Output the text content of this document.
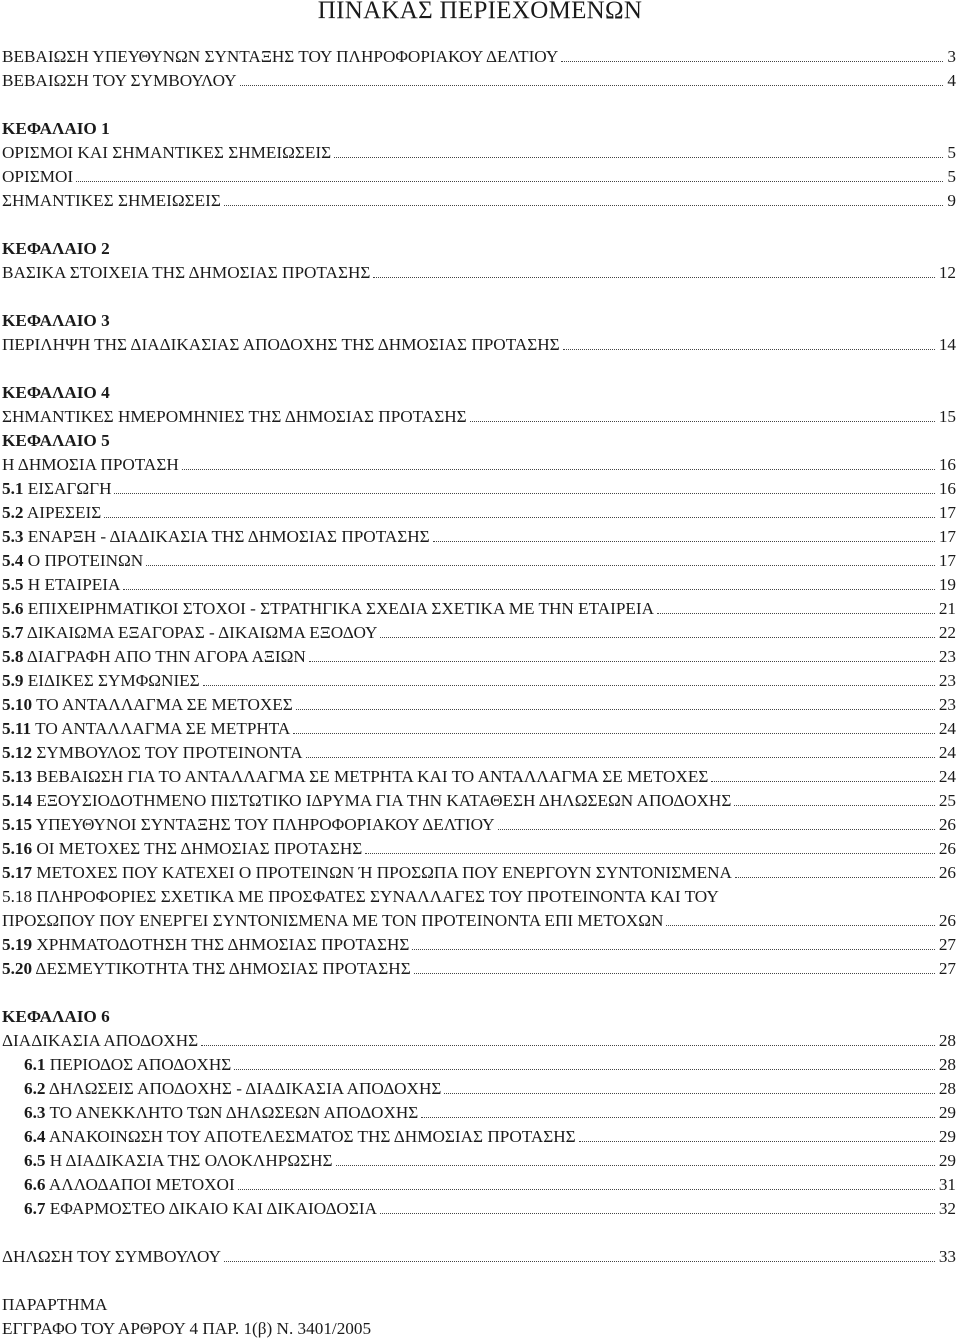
ΠΙΝΑΚΑΣ ΠΕΡΙΕΧΟΜΕΝΩΝ
ΒΕΒΑΙΩΣΗ ΥΠΕΥΘΥΝΩΝ ΣΥΝΤΑΞΗΣ ΤΟΥ ΠΛΗΡΟΦΟΡΙΑΚΟΥ ΔΕΛΤΙΟΥ	3
ΒΕΒΑΙΩΣΗ ΤΟΥ ΣΥΜΒΟΥΛΟΥ	4
ΚΕΦΑΛΑΙΟ 1
ΟΡΙΣΜΟΙ ΚΑΙ ΣΗΜΑΝΤΙΚΕΣ ΣΗΜΕΙΩΣΕΙΣ	5
ΟΡΙΣΜΟΙ	5
ΣΗΜΑΝΤΙΚΕΣ ΣΗΜΕΙΩΣΕΙΣ	9
ΚΕΦΑΛΑΙΟ 2
ΒΑΣΙΚΑ ΣΤΟΙΧΕΙΑ ΤΗΣ ΔΗΜΟΣΙΑΣ ΠΡΟΤΑΣΗΣ	12
ΚΕΦΑΛΑΙΟ 3
ΠΕΡΙΛΗΨΗ ΤΗΣ ΔΙΑΔΙΚΑΣΙΑΣ ΑΠΟΔΟΧΗΣ ΤΗΣ ΔΗΜΟΣΙΑΣ ΠΡΟΤΑΣΗΣ	14
ΚΕΦΑΛΑΙΟ 4
ΣΗΜΑΝΤΙΚΕΣ ΗΜΕΡΟΜΗΝΙΕΣ ΤΗΣ ΔΗΜΟΣΙΑΣ ΠΡΟΤΑΣΗΣ	15
ΚΕΦΑΛΑΙΟ 5
Η ΔΗΜΟΣΙΑ ΠΡΟΤΑΣΗ	16
5.1 ΕΙΣΑΓΩΓΗ	16
5.2 ΑΙΡΕΣΕΙΣ	17
5.3 ΕΝΑΡΞΗ - ΔΙΑΔΙΚΑΣΙΑ ΤΗΣ ΔΗΜΟΣΙΑΣ ΠΡΟΤΑΣΗΣ	17
5.4 Ο ΠΡΟΤΕΙΝΩΝ	17
5.5 Η ΕΤΑΙΡΕΙΑ	19
5.6 ΕΠΙΧΕΙΡΗΜΑΤΙΚΟΙ ΣΤΟΧΟΙ - ΣΤΡΑΤΗΓΙΚΑ ΣΧΕΔΙΑ ΣΧΕΤΙΚΑ ΜΕ ΤΗΝ ΕΤΑΙΡΕΙΑ	21
5.7 ΔΙΚΑΙΩΜΑ ΕΞΑΓΟΡΑΣ - ΔΙΚΑΙΩΜΑ ΕΞΟΔΟΥ	22
5.8 ΔΙΑΓΡΑΦΗ ΑΠΟ ΤΗΝ ΑΓΟΡΑ ΑΞΙΩΝ	23
5.9 ΕΙΔΙΚΕΣ ΣΥΜΦΩΝΙΕΣ	23
5.10 ΤΟ ΑΝΤΑΛΛΑΓΜΑ ΣΕ ΜΕΤΟΧΕΣ	23
5.11 ΤΟ ΑΝΤΑΛΛΑΓΜΑ ΣΕ ΜΕΤΡΗΤΑ	24
5.12 ΣΥΜΒΟΥΛΟΣ ΤΟΥ ΠΡΟΤΕΙΝΟΝΤΑ	24
5.13 ΒΕΒΑΙΩΣΗ ΓΙΑ ΤΟ ΑΝΤΑΛΛΑΓΜΑ ΣΕ ΜΕΤΡΗΤΑ ΚΑΙ ΤΟ ΑΝΤΑΛΛΑΓΜΑ ΣΕ ΜΕΤΟΧΕΣ	24
5.14 ΕΞΟΥΣΙΟΔΟΤΗΜΕΝΟ ΠΙΣΤΩΤΙΚΟ ΙΔΡΥΜΑ ΓΙΑ ΤΗΝ ΚΑΤΑΘΕΣΗ ΔΗΛΩΣΕΩΝ ΑΠΟΔΟΧΗΣ	25
5.15 ΥΠΕΥΘΥΝΟΙ ΣΥΝΤΑΞΗΣ ΤΟΥ ΠΛΗΡΟΦΟΡΙΑΚΟΥ ΔΕΛΤΙΟΥ	26
5.16 ΟΙ ΜΕΤΟΧΕΣ ΤΗΣ ΔΗΜΟΣΙΑΣ ΠΡΟΤΑΣΗΣ	26
5.17 ΜΕΤΟΧΕΣ ΠΟΥ ΚΑΤΕΧΕΙ Ο ΠΡΟΤΕΙΝΩΝ Ή ΠΡΟΣΩΠΑ ΠΟΥ ΕΝΕΡΓΟΥΝ ΣΥΝΤΟΝΙΣΜΕΝΑ	26
5.18 ΠΛΗΡΟΦΟΡΙΕΣ ΣΧΕΤΙΚΑ ΜΕ ΠΡΟΣΦΑΤΕΣ ΣΥΝΑΛΛΑΓΕΣ ΤΟΥ ΠΡΟΤΕΙΝΟΝΤΑ ΚΑΙ ΤΟΥ
ΠΡΟΣΩΠΟΥ ΠΟΥ ΕΝΕΡΓΕΙ ΣΥΝΤΟΝΙΣΜΕΝΑ ΜΕ ΤΟΝ ΠΡΟΤΕΙΝΟΝΤΑ ΕΠΙ ΜΕΤΟΧΩΝ	26
5.19 ΧΡΗΜΑΤΟΔΟΤΗΣΗ ΤΗΣ ΔΗΜΟΣΙΑΣ ΠΡΟΤΑΣΗΣ	27
5.20 ΔΕΣΜΕΥΤΙΚΟΤΗΤΑ ΤΗΣ ΔΗΜΟΣΙΑΣ ΠΡΟΤΑΣΗΣ	27
ΚΕΦΑΛΑΙΟ 6
ΔΙΑΔΙΚΑΣΙΑ ΑΠΟΔΟΧΗΣ	28
6.1 ΠΕΡΙΟΔΟΣ ΑΠΟΔΟΧΗΣ	28
6.2 ΔΗΛΩΣΕΙΣ ΑΠΟΔΟΧΗΣ - ΔΙΑΔΙΚΑΣΙΑ ΑΠΟΔΟΧΗΣ	28
6.3 ΤΟ ΑΝΕΚΚΛΗΤΟ ΤΩΝ ΔΗΛΩΣΕΩΝ ΑΠΟΔΟΧΗΣ	29
6.4 ΑΝΑΚΟΙΝΩΣΗ ΤΟΥ ΑΠΟΤΕΛΕΣΜΑΤΟΣ ΤΗΣ ΔΗΜΟΣΙΑΣ ΠΡΟΤΑΣΗΣ	29
6.5 Η ΔΙΑΔΙΚΑΣΙΑ ΤΗΣ ΟΛΟΚΛΗΡΩΣΗΣ	29
6.6 ΑΛΛΟΔΑΠΟΙ ΜΕΤΟΧΟΙ	31
6.7 ΕΦΑΡΜΟΣΤΕΟ ΔΙΚΑΙΟ ΚΑΙ ΔΙΚΑΙΟΔΟΣΙΑ	32
ΔΗΛΩΣΗ ΤΟΥ ΣΥΜΒΟΥΛΟΥ	33
ΠΑΡΑΡΤΗΜΑ
ΕΓΓΡΑΦΟ ΤΟΥ ΑΡΘΡΟΥ 4 ΠΑΡ. 1(β) Ν. 3401/2005
